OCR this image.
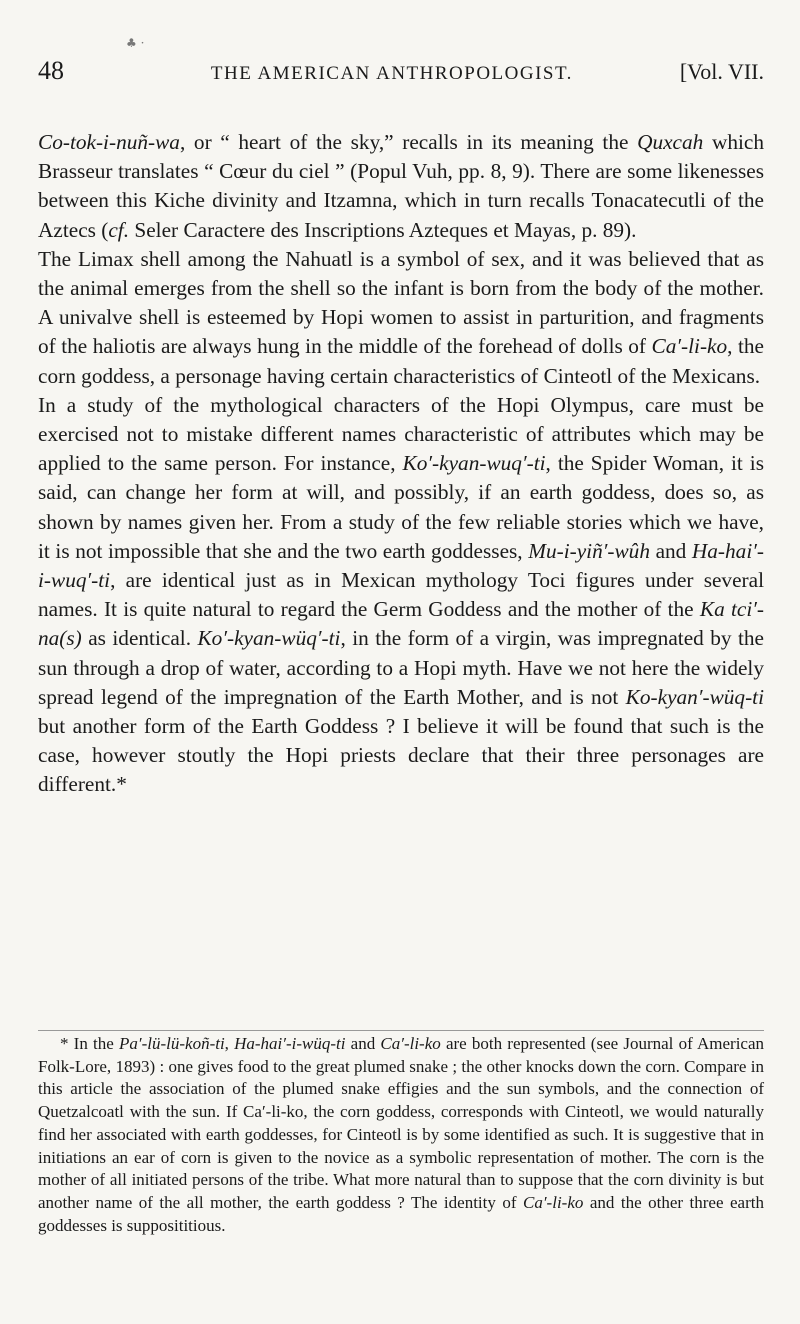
♣ ·
48	THE AMERICAN ANTHROPOLOGIST.	[Vol. VII.

Co-tok-i-nuñ-wa, or “ heart of the sky,” recalls in its meaning the Quxcah which Brasseur translates “ Cœur du ciel ” (Popul Vuh, pp. 8, 9). There are some likenesses between this Kiche divinity and Itzamna, which in turn recalls Tonacatecutli of the Aztecs (cf. Seler Caractere des Inscriptions Azteques et Mayas, p. 89).

The Limax shell among the Nahuatl is a symbol of sex, and it was believed that as the animal emerges from the shell so the infant is born from the body of the mother. A univalve shell is esteemed by Hopi women to assist in parturition, and fragments of the haliotis are always hung in the middle of the forehead of dolls of Ca′-li-ko, the corn goddess, a personage having certain characteristics of Cinteotl of the Mexicans.

In a study of the mythological characters of the Hopi Olympus, care must be exercised not to mistake different names characteristic of attributes which may be applied to the same person. For instance, Ko′-kyan-wuq′-ti, the Spider Woman, it is said, can change her form at will, and possibly, if an earth goddess, does so, as shown by names given her. From a study of the few reliable stories which we have, it is not impossible that she and the two earth goddesses, Mu-i-yiñ′-wûh and Ha-hai′-i-wuq′-ti, are identical just as in Mexican mythology Toci figures under several names. It is quite natural to regard the Germ Goddess and the mother of the Ka tci′-na(s) as identical. Ko′-kyan-wüq′-ti, in the form of a virgin, was impregnated by the sun through a drop of water, according to a Hopi myth. Have we not here the widely spread legend of the impregnation of the Earth Mother, and is not Ko-kyan′-wüq-ti but another form of the Earth Goddess ? I believe it will be found that such is the case, however stoutly the Hopi priests declare that their three personages are different.*

* In the Pa′-lü-lü-koñ-ti, Ha-hai′-i-wüq-ti and Ca′-li-ko are both represented (see Journal of American Folk-Lore, 1893) : one gives food to the great plumed snake ; the other knocks down the corn. Compare in this article the association of the plumed snake effigies and the sun symbols, and the connection of Quetzalcoatl with the sun. If Ca′-li-ko, the corn goddess, corresponds with Cinteotl, we would naturally find her associated with earth goddesses, for Cinteotl is by some identified as such. It is suggestive that in initiations an ear of corn is given to the novice as a symbolic representation of mother. The corn is the mother of all initiated persons of the tribe. What more natural than to suppose that the corn divinity is but another name of the all mother, the earth goddess ? The identity of Ca′-li-ko and the other three earth goddesses is supposititious.
